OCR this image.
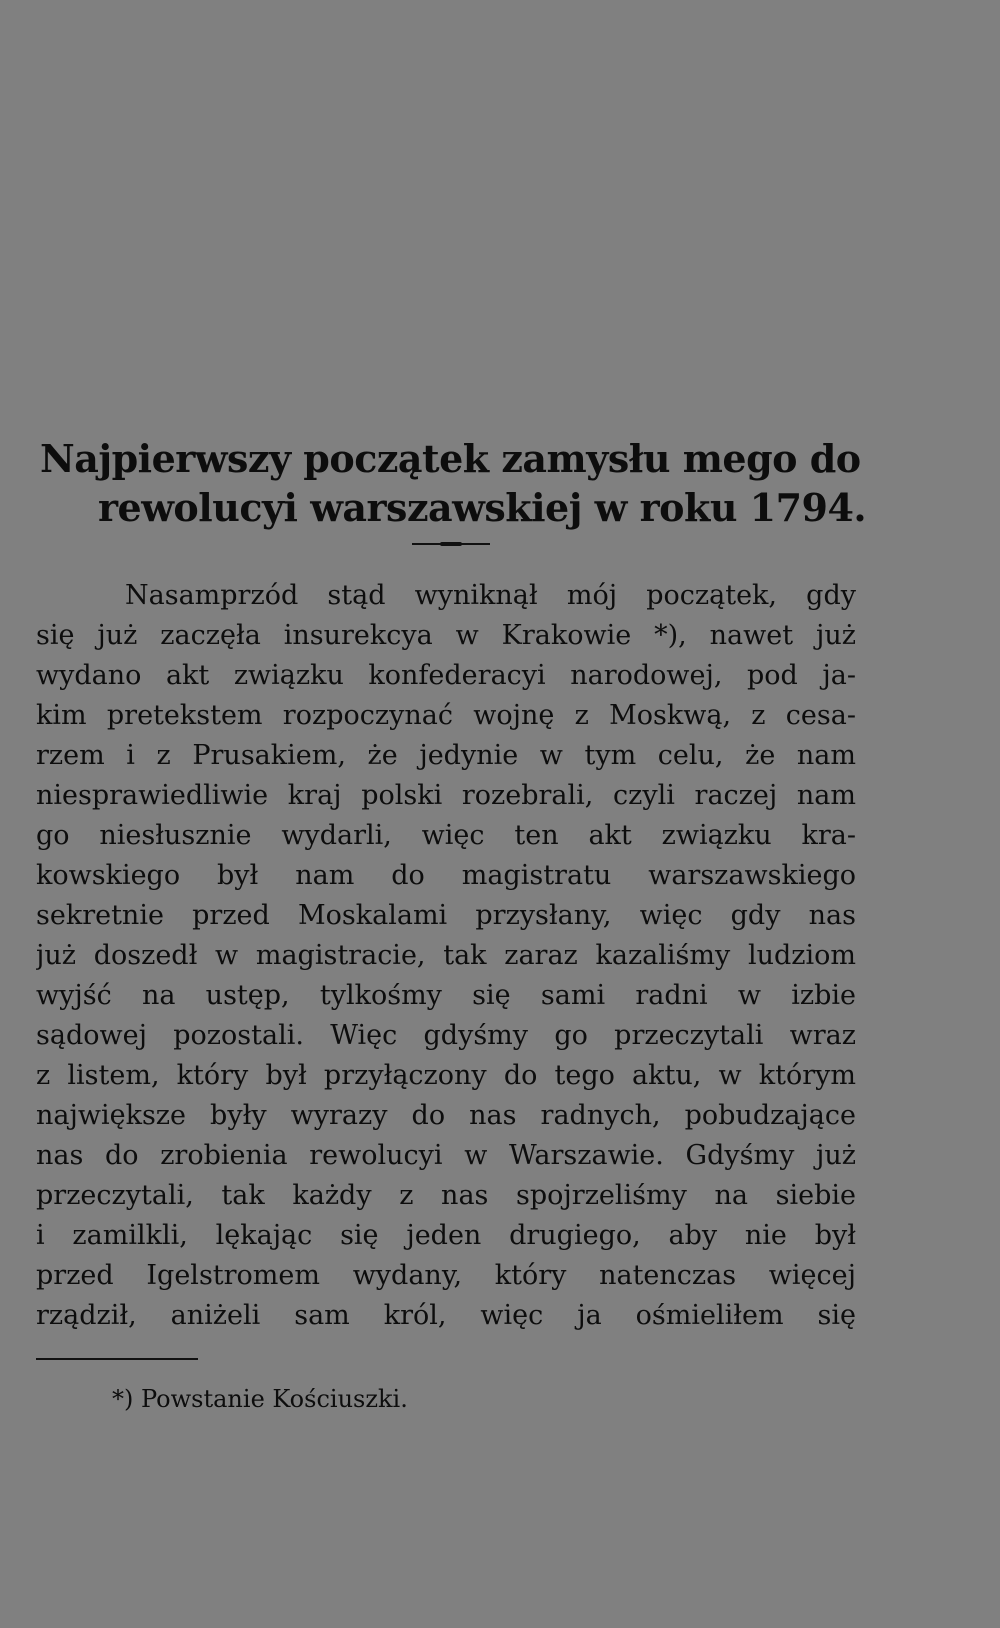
Najpierwszy początek zamysłu mego do
rewolucyi warszawskiej w roku 1794.
Nasamprzód stąd wyniknął mój początek, gdy
się już zaczęła insurekcya w Krakowie *), nawet już
wydano akt związku konfederacyi narodowej, pod ja-
kim pretekstem rozpoczynać wojnę z Moskwą, z cesa-
rzem i z Prusakiem, że jedynie w tym celu, że nam
niesprawiedliwie kraj polski rozebrali, czyli raczej nam
go niesłusznie wydarli, więc ten akt związku kra-
kowskiego był nam do magistratu warszawskiego
sekretnie przed Moskalami przysłany, więc gdy nas
już doszedł w magistracie, tak zaraz kazaliśmy ludziom
wyjść na ustęp, tylkośmy się sami radni w izbie
sądowej pozostali. Więc gdyśmy go przeczytali wraz
z listem, który był przyłączony do tego aktu, w którym
największe były wyrazy do nas radnych, pobudzające
nas do zrobienia rewolucyi w Warszawie. Gdyśmy już
przeczytali, tak każdy z nas spojrzeliśmy na siebie
i zamilkli, lękając się jeden drugiego, aby nie był
przed Igelstromem wydany, który natenczas więcej
rządził, aniżeli sam król, więc ja ośmieliłem się
*) Powstanie Kościuszki.
